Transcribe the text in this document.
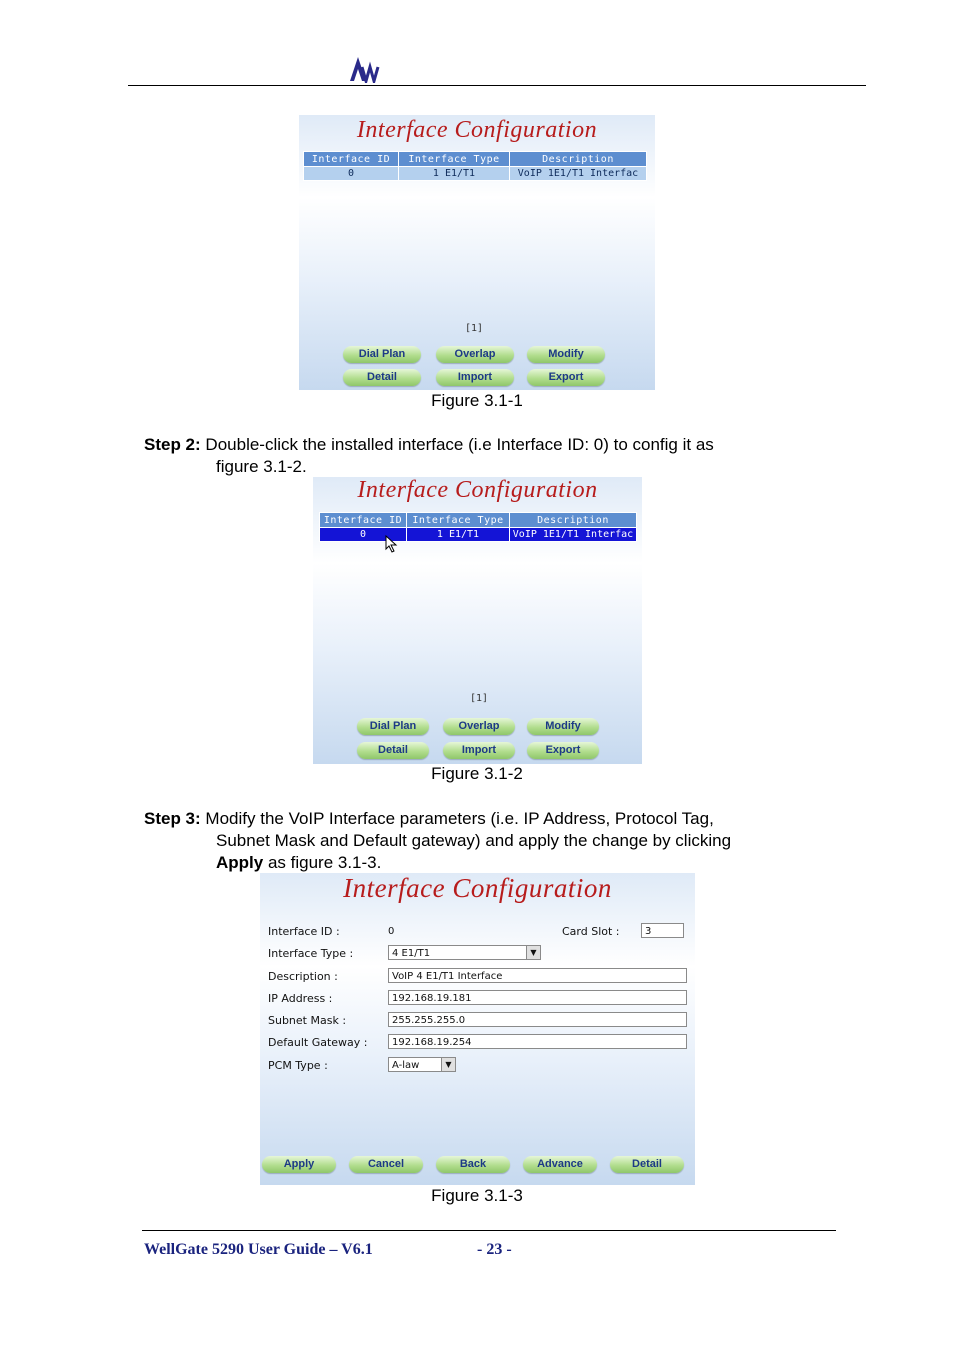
Interface Configuration
Interface ID	Interface Type	Description
0	1 E1/T1	VoIP 1E1/T1 Interfac
[1]
Dial Plan	Overlap	Modify
Detail	Import	Export
Figure 3.1-1
Step 2: Double-click the installed interface (i.e Interface ID: 0) to config it as
figure 3.1-2.
Interface Configuration
Interface ID	Interface Type	Description
0	1 E1/T1	VoIP 1E1/T1 Interfac
[1]
Dial Plan	Overlap	Modify
Detail	Import	Export
Figure 3.1-2
Step 3: Modify the VoIP Interface parameters (i.e. IP Address, Protocol Tag,
Subnet Mask and Default gateway) and apply the change by clicking
Apply as figure 3.1-3.
Interface Configuration
Interface ID :	0	Card Slot :	3
Interface Type :	4 E1/T1	▼
Description :	VoIP 4 E1/T1 Interface
IP Address :	192.168.19.181
Subnet Mask :	255.255.255.0
Default Gateway :	192.168.19.254
PCM Type :	A-law	▼
Apply	Cancel	Back	Advance	Detail
Figure 3.1-3
WellGate 5290 User Guide – V6.1	- 23 -
